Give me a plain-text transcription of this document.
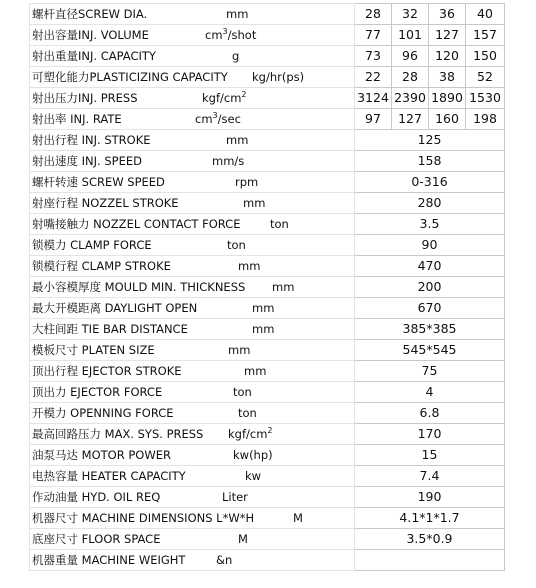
螺杆直径SCREW DIA. mm	28	32	36	40
射出容量INJ. VOLUME $cm^3$/shot	77	101	127	157
射出重量INJ. CAPACITY g	73	96	120	150
可塑化能力PLASTICIZING CAPACITY kg/hr(ps)	22	28	38	52
射出压力INJ. PRESS kgf/$cm^2$	3124	2390	1890	1530
射出率 INJ. RATE $cm^3/\sec$	97	127	160	198
射出行程 INJ. STROKE mm	125			
射出速度 INJ. SPEED mm/s	158			
螺杆转速 SCREW SPEED rpm	0-316			
射座行程 NOZZEL STROKE mm	280			
射嘴接触力 NOZZEL CONTACT FORCE ton	3.5			
锁模力 CLAMP FORCE ton	90			
锁模行程 CLAMP STROKE mm	470			
最小容模厚度 MOULD MIN. THICKNESS mm	200			
最大开模距离 DAYLIGHT OPEN mm	670			
大柱间距 TIE BAR DISTANCE mm	385*385			
模板尺寸 PLATEN SIZE mm	545*545			
顶出行程 EJECTOR STROKE mm	75			
顶出力 EJECTOR FORCE ton	4			
开模力 OPENNING FORCE ton	6.8			
最高回路压力 MAX. SYS. PRESS kgf/$cm^2$	170			
油泵马达 MOTOR POWER kw(hp)	15			
电热容量 HEATER CAPACITY kw	7.4			
作动油量 HYD. OIL REQ Liter	190			
机器尺寸 MACHINE DIMENSIONS L*W*H M	4.1*1*1.7			
底座尺寸 FLOOR SPACE M	3.5*0.9			
机器重量 MACHINE WEIGHT &n				
